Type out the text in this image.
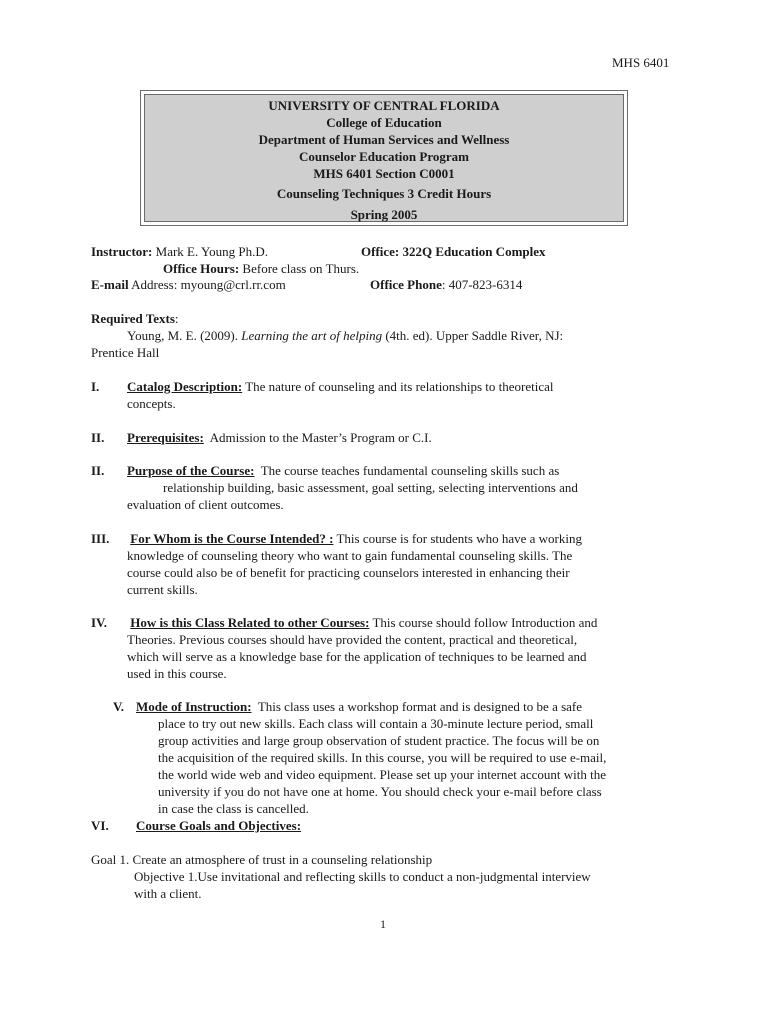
MHS 6401
UNIVERSITY OF CENTRAL FLORIDA
College of Education
Department of Human Services and Wellness
Counselor Education Program
MHS 6401 Section C0001
Counseling Techniques 3 Credit Hours
Spring 2005
Instructor: Mark E. Young Ph.D.	Office: 322Q Education Complex
Office Hours: Before class on Thurs.
E-mail Address: myoung@crl.rr.com	Office Phone: 407-823-6314
Required Texts:
Young, M. E. (2009). Learning the art of helping (4th. ed). Upper Saddle River, NJ:
Prentice Hall
I. Catalog Description: The nature of counseling and its relationships to theoretical
concepts.
II. Prerequisites: Admission to the Master’s Program or C.I.
II. Purpose of the Course: The course teaches fundamental counseling skills such as
relationship building, basic assessment, goal setting, selecting interventions and
evaluation of client outcomes.
III. For Whom is the Course Intended? : This course is for students who have a working
knowledge of counseling theory who want to gain fundamental counseling skills. The
course could also be of benefit for practicing counselors interested in enhancing their
current skills.
IV. How is this Class Related to other Courses: This course should follow Introduction and
Theories. Previous courses should have provided the content, practical and theoretical,
which will serve as a knowledge base for the application of techniques to be learned and
used in this course.
V. Mode of Instruction: This class uses a workshop format and is designed to be a safe
place to try out new skills. Each class will contain a 30-minute lecture period, small
group activities and large group observation of student practice. The focus will be on
the acquisition of the required skills. In this course, you will be required to use e-mail,
the world wide web and video equipment. Please set up your internet account with the
university if you do not have one at home. You should check your e-mail before class
in case the class is cancelled.
VI. Course Goals and Objectives:
Goal 1. Create an atmosphere of trust in a counseling relationship
Objective 1.Use invitational and reflecting skills to conduct a non-judgmental interview
with a client.
1
